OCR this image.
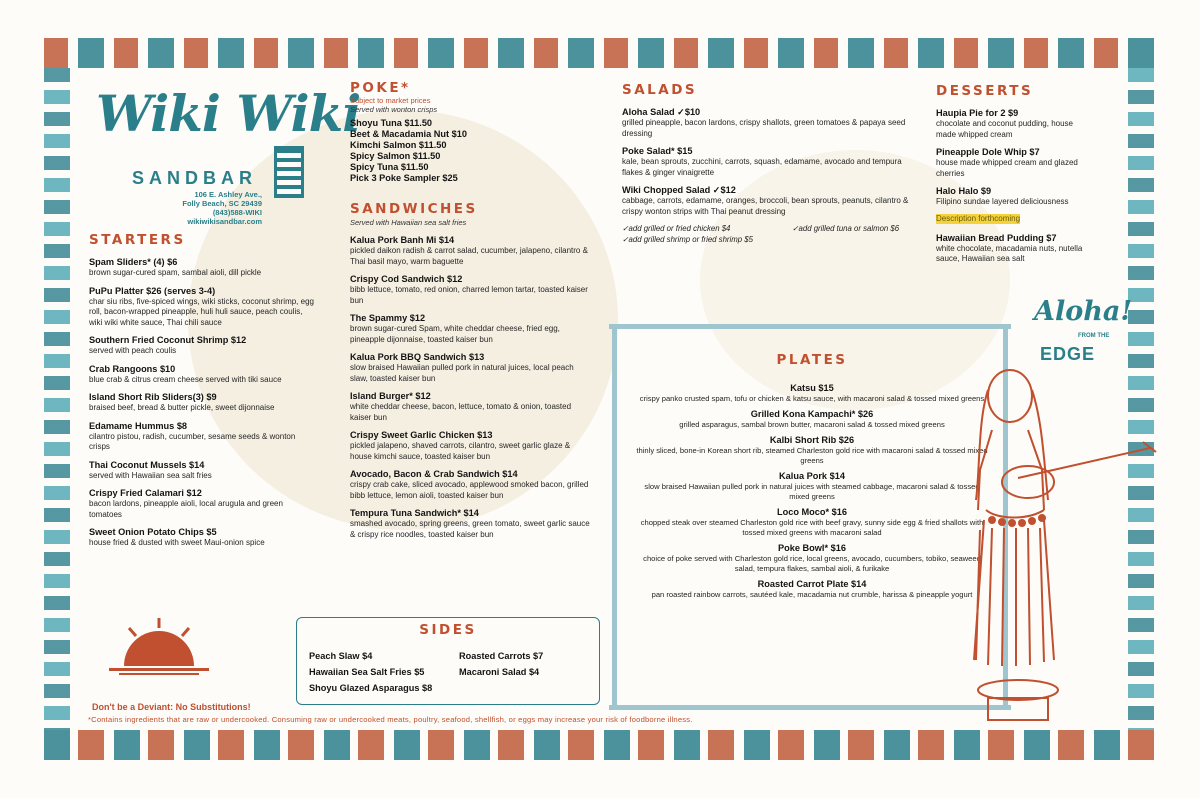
Wiki Wiki
SANDBAR
106 E. Ashley Ave.,
Folly Beach, SC 29439
(843)588-WIKI
wikiwikisandbar.com
STARTERS
Spam Sliders* (4) $6
brown sugar-cured spam, sambal aioli, dill pickle
PuPu Platter $26 (serves 3-4)
char siu ribs, five-spiced wings, wiki sticks, coconut shrimp, egg roll, bacon-wrapped pineapple, huli huli sauce, peach coulis, wiki wiki white sauce, Thai chili sauce
Southern Fried Coconut Shrimp $12
served with peach coulis
Crab Rangoons $10
blue crab & citrus cream cheese served with tiki sauce
Island Short Rib Sliders(3) $9
braised beef, bread & butter pickle, sweet dijonnaise
Edamame Hummus $8
cilantro pistou, radish, cucumber, sesame seeds & wonton crisps
Thai Coconut Mussels $14
served with Hawaiian sea salt fries
Crispy Fried Calamari $12
bacon lardons, pineapple aioli, local arugula and green tomatoes
Sweet Onion Potato Chips $5
house fried & dusted with sweet Maui-onion spice
POKE*
Subject to market prices
Served with wonton crisps
Shoyu Tuna $11.50
Beet & Macadamia Nut $10
Kimchi Salmon $11.50
Spicy Salmon $11.50
Spicy Tuna $11.50
Pick 3 Poke Sampler $25
SANDWICHES
Served with Hawaiian sea salt fries
Kalua Pork Banh Mi $14
pickled daikon radish & carrot salad, cucumber, jalapeno, cilantro & Thai basil mayo, warm baguette
Crispy Cod Sandwich $12
bibb lettuce, tomato, red onion, charred lemon tartar, toasted kaiser bun
The Spammy $12
brown sugar-cured Spam, white cheddar cheese, fried egg, pineapple dijonnaise, toasted kaiser bun
Kalua Pork BBQ Sandwich $13
slow braised Hawaiian pulled pork in natural juices, local peach slaw, toasted kaiser bun
Island Burger* $12
white cheddar cheese, bacon, lettuce, tomato & onion, toasted kaiser bun
Crispy Sweet Garlic Chicken $13
pickled jalapeno, shaved carrots, cilantro, sweet garlic glaze & house kimchi sauce, toasted kaiser bun
Avocado, Bacon & Crab Sandwich $14
crispy crab cake, sliced avocado, applewood smoked bacon, grilled bibb lettuce, lemon aioli, toasted kaiser bun
Tempura Tuna Sandwich* $14
smashed avocado, spring greens, green tomato, sweet garlic sauce & crispy rice noodles, toasted kaiser bun
SIDES
Peach Slaw $4	Roasted Carrots $7
Hawaiian Sea Salt Fries $5	Macaroni Salad $4
Shoyu Glazed Asparagus $8
SALADS
Aloha Salad ✓$10
grilled pineapple, bacon lardons, crispy shallots, green tomatoes & papaya seed dressing
Poke Salad* $15
kale, bean sprouts, zucchini, carrots, squash, edamame, avocado and tempura flakes & ginger vinaigrette
Wiki Chopped Salad ✓$12
cabbage, carrots, edamame, oranges, broccoli, bean sprouts, peanuts, cilantro & crispy wonton strips with Thai peanut dressing
✓add grilled or fried chicken $4	✓add grilled tuna or salmon $6
✓add grilled shrimp or fried shrimp $5
DESSERTS
Haupia Pie for 2 $9
chocolate and coconut pudding, house made whipped cream
Pineapple Dole Whip $7
house made whipped cream and glazed cherries
Halo Halo $9
Filipino sundae layered deliciousness
Description forthcoming
Hawaiian Bread Pudding $7
white chocolate, macadamia nuts, nutella sauce, Hawaiian sea salt
PLATES
Katsu $15
crispy panko crusted spam, tofu or chicken & katsu sauce, with macaroni salad & tossed mixed greens
Grilled Kona Kampachi* $26
grilled asparagus, sambal brown butter, macaroni salad & tossed mixed greens
Kalbi Short Rib $26
thinly sliced, bone-in Korean short rib, steamed Charleston gold rice with macaroni salad & tossed mixed greens
Kalua Pork $14
slow braised Hawaiian pulled pork in natural juices with steamed cabbage, macaroni salad & tossed mixed greens
Loco Moco* $16
chopped steak over steamed Charleston gold rice with beef gravy, sunny side egg & fried shallots with tossed mixed greens with macaroni salad
Poke Bowl* $16
choice of poke served with Charleston gold rice, local greens, avocado, cucumbers, tobiko, seaweed salad, tempura flakes, sambal aioli, & furikake
Roasted Carrot Plate $14
pan roasted rainbow carrots, sautéed kale, macadamia nut crumble, harissa & pineapple yogurt
Aloha!
FROM THE
EDGE
Don't be a Deviant: No Substitutions!
*Contains ingredients that are raw or undercooked. Consuming raw or undercooked meats, poultry, seafood, shellfish, or eggs may increase your risk of foodborne illness.
